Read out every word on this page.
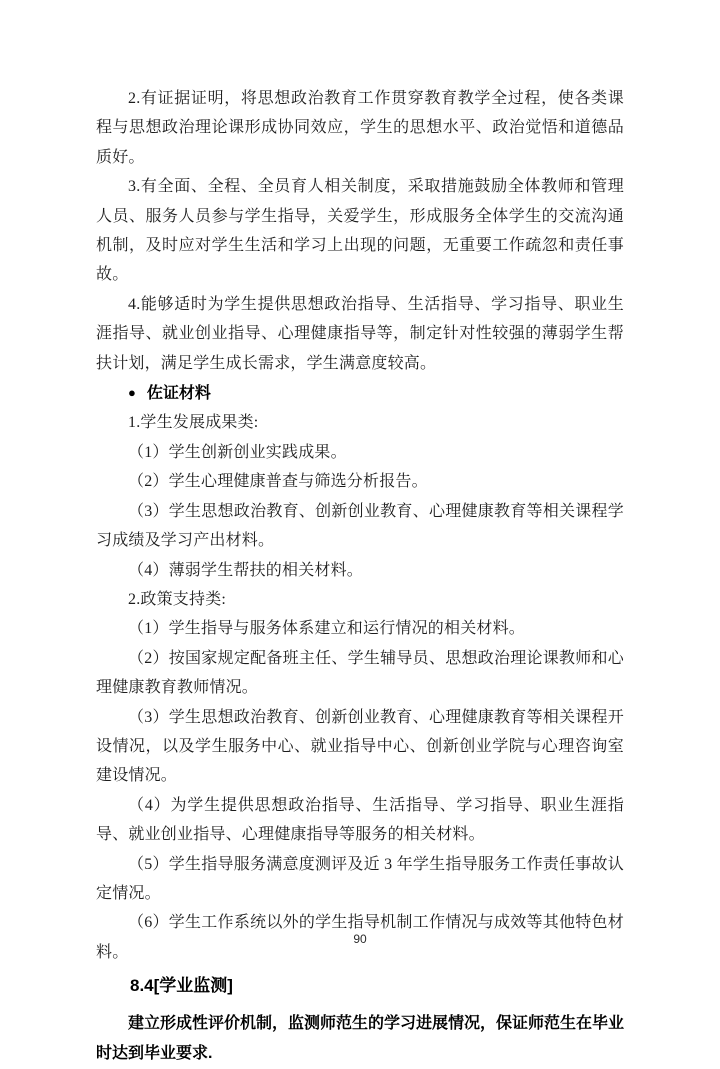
2.有证据证明，将思想政治教育工作贯穿教育教学全过程，使各类课程与思想政治理论课形成协同效应，学生的思想水平、政治觉悟和道德品质好。

3.有全面、全程、全员育人相关制度，采取措施鼓励全体教师和管理人员、服务人员参与学生指导，关爱学生，形成服务全体学生的交流沟通机制，及时应对学生生活和学习上出现的问题，无重要工作疏忽和责任事故。

4.能够适时为学生提供思想政治指导、生活指导、学习指导、职业生涯指导、就业创业指导、心理健康指导等，制定针对性较强的薄弱学生帮扶计划，满足学生成长需求，学生满意度较高。

● 佐证材料

1.学生发展成果类:

（1）学生创新创业实践成果。

（2）学生心理健康普查与筛选分析报告。

（3）学生思想政治教育、创新创业教育、心理健康教育等相关课程学习成绩及学习产出材料。

（4）薄弱学生帮扶的相关材料。

2.政策支持类:

（1）学生指导与服务体系建立和运行情况的相关材料。

（2）按国家规定配备班主任、学生辅导员、思想政治理论课教师和心理健康教育教师情况。

（3）学生思想政治教育、创新创业教育、心理健康教育等相关课程开设情况，以及学生服务中心、就业指导中心、创新创业学院与心理咨询室建设情况。

（4）为学生提供思想政治指导、生活指导、学习指导、职业生涯指导、就业创业指导、心理健康指导等服务的相关材料。

（5）学生指导服务满意度测评及近 3 年学生指导服务工作责任事故认定情况。

（6）学生工作系统以外的学生指导机制工作情况与成效等其他特色材料。

8.4[学业监测]

建立形成性评价机制，监测师范生的学习进展情况，保证师范生在毕业时达到毕业要求.

90
